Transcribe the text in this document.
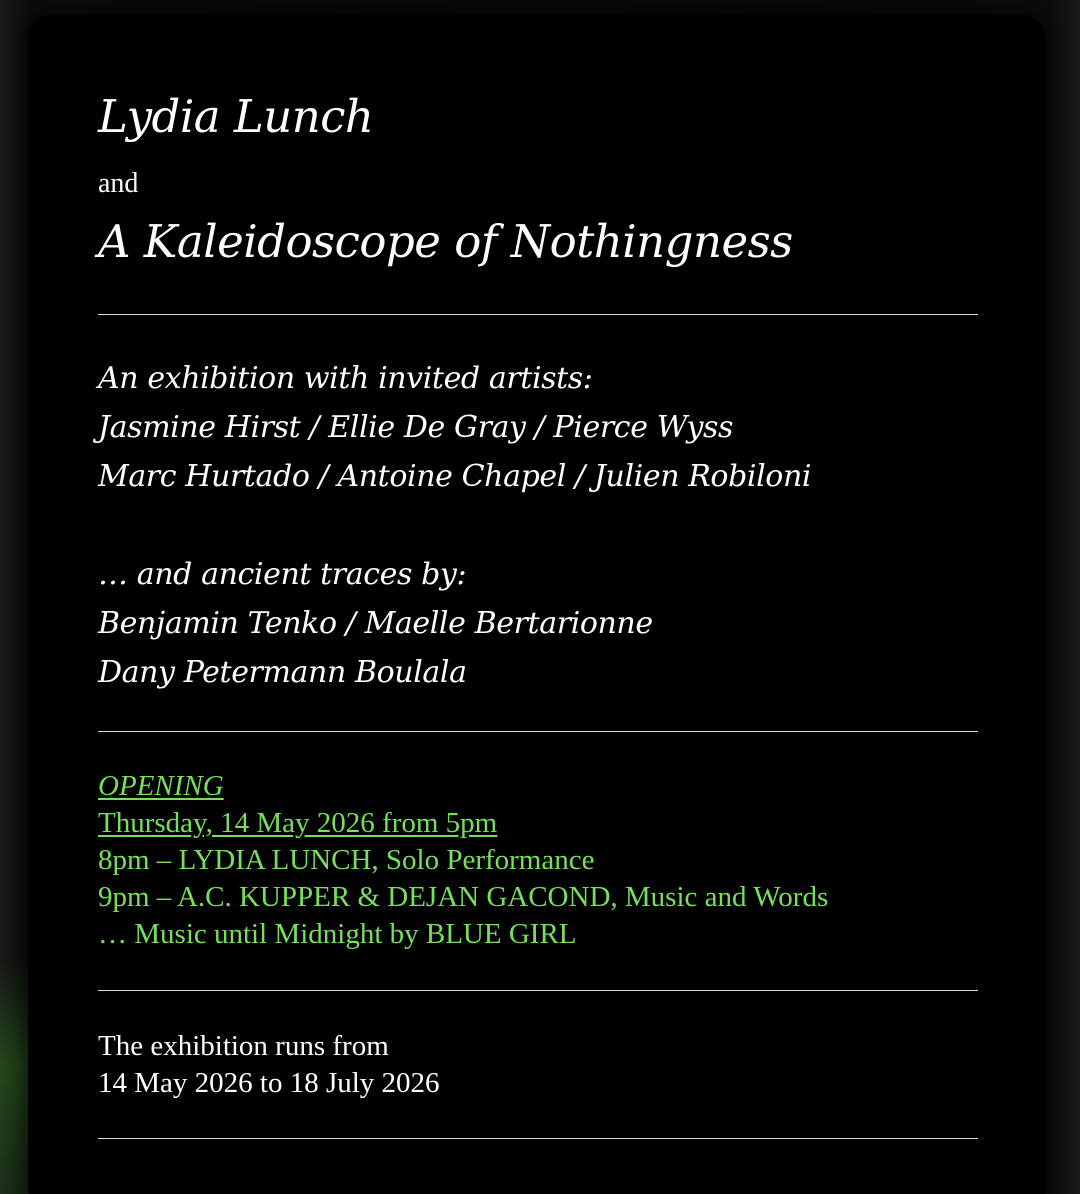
Lydia Lunch
and
A Kaleidoscope of Nothingness
An exhibition with invited artists:
Jasmine Hirst / Ellie De Gray / Pierce Wyss
Marc Hurtado / Antoine Chapel / Julien Robiloni
… and ancient traces by:
Benjamin Tenko / Maelle Bertarionne
Dany Petermann Boulala
OPENING
Thursday, 14 May 2026 from 5pm
8pm – LYDIA LUNCH, Solo Performance
9pm – A.C. KUPPER & DEJAN GACOND, Music and Words
… Music until Midnight by BLUE GIRL
The exhibition runs from
14 May 2026 to 18 July 2026
